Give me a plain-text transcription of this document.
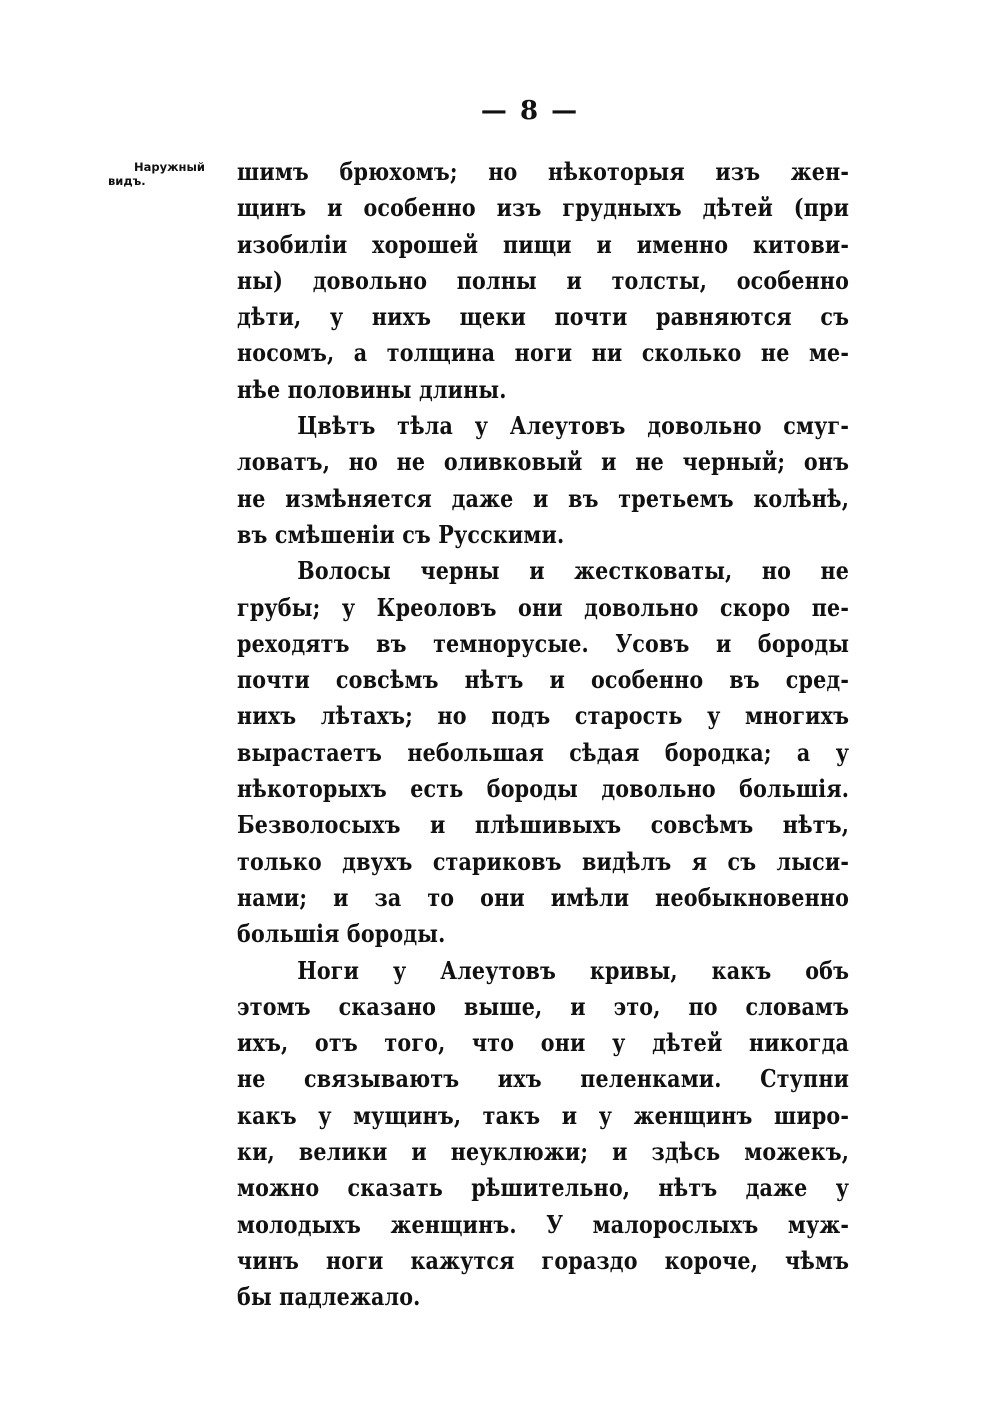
— 8 —
Наружный
видъ.	шимъ брюхомъ; но нѣкоторыя изъ жен-
щинъ и особенно изъ грудныхъ дѣтей (при
изобиліи хорошей пищи и именно китови-
ны) довольно полны и толсты, особенно
дѣти, у нихъ щеки почти равняются съ
носомъ, а толщина ноги ни сколько не ме-
нѣе половины длины.
Цвѣтъ тѣла у Алеутовъ довольно смуг-
ловатъ, но не оливковый и не черный; онъ
не измѣняется даже и въ третьемъ колѣнѣ,
въ смѣшеніи съ Русскими.
Волосы черны и жестковаты, но не
грубы; у Креоловъ они довольно скоро пе-
реходятъ въ темнорусые. Усовъ и бороды
почти совсѣмъ нѣтъ и особенно въ сред-
нихъ лѣтахъ; но подъ старость у многихъ
вырастаетъ небольшая сѣдая бородка; а у
нѣкоторыхъ есть бороды довольно большія.
Безволосыхъ и плѣшивыхъ совсѣмъ нѣтъ,
только двухъ стариковъ видѣлъ я съ лыси-
нами; и за то они имѣли необыкновенно
большія бороды.
Ноги у Алеутовъ кривы, какъ объ
этомъ сказано выше, и это, по словамъ
ихъ, отъ того, что они у дѣтей никогда
не связываютъ ихъ пеленками. Ступни
какъ у мущинъ, такъ и у женщинъ широ-
ки, велики и неуклюжи; и здѣсь можекъ,
можно сказать рѣшительно, нѣтъ даже у
молодыхъ женщинъ. У малорослыхъ муж-
чинъ ноги кажутся гораздо короче, чѣмъ
бы падлежало.
